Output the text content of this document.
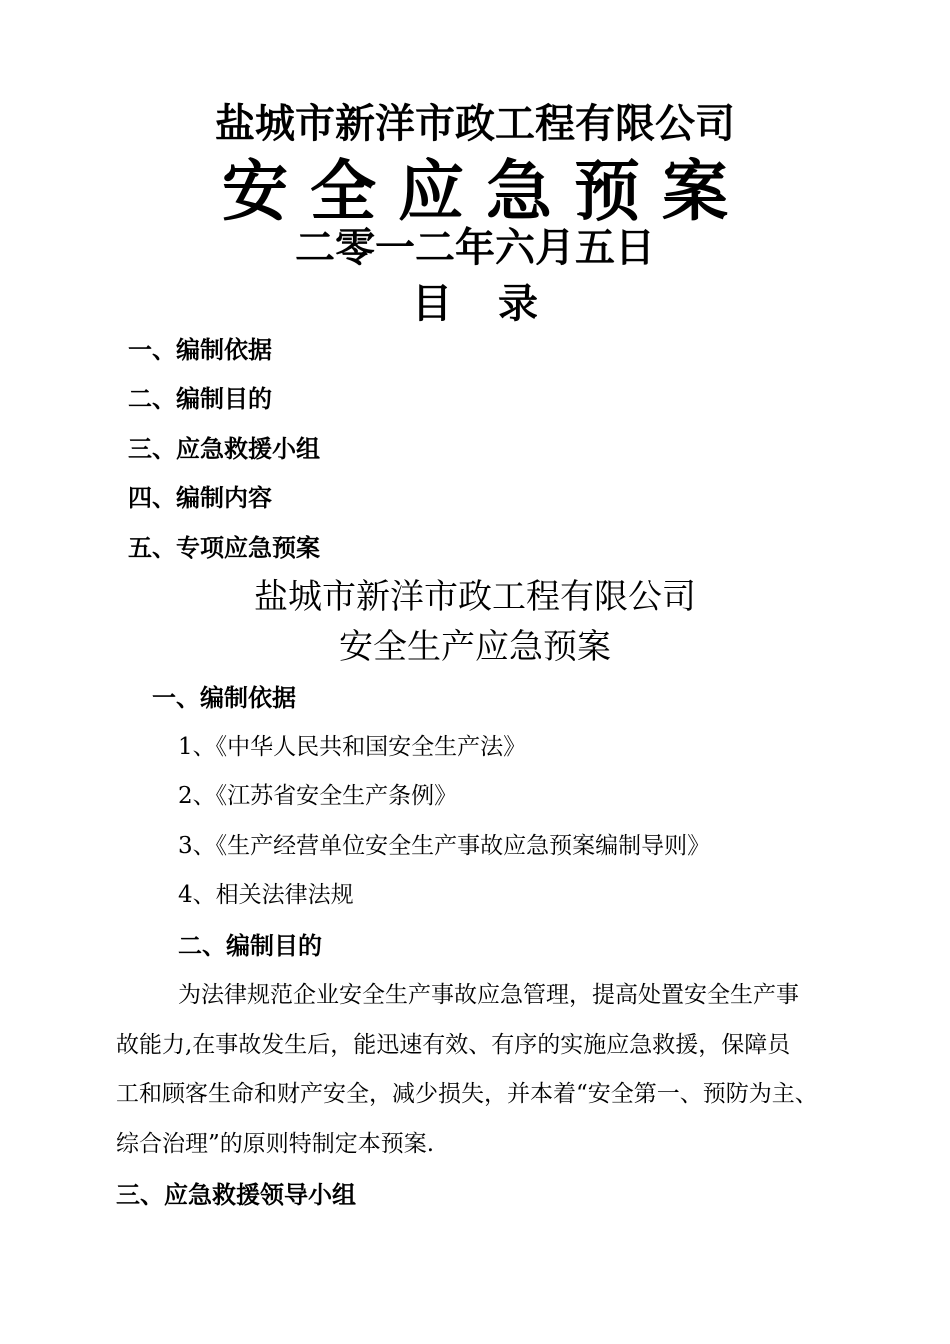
盐城市新洋市政工程有限公司
安全应急预案
二零一二年六月五日
目 录
一、编制依据
二、编制目的
三、应急救援小组
四、编制内容
五、专项应急预案
盐城市新洋市政工程有限公司
安全生产应急预案
一、编制依据
1、《中华人民共和国安全生产法》
2、《江苏省安全生产条例》
3、《生产经营单位安全生产事故应急预案编制导则》
4、相关法律法规
二、编制目的
为法律规范企业安全生产事故应急管理，提高处置安全生产事
故能力,在事故发生后，能迅速有效、有序的实施应急救援，保障员
工和顾客生命和财产安全，减少损失，并本着“安全第一、预防为主、
综合治理”的原则特制定本预案.
三、应急救援领导小组
